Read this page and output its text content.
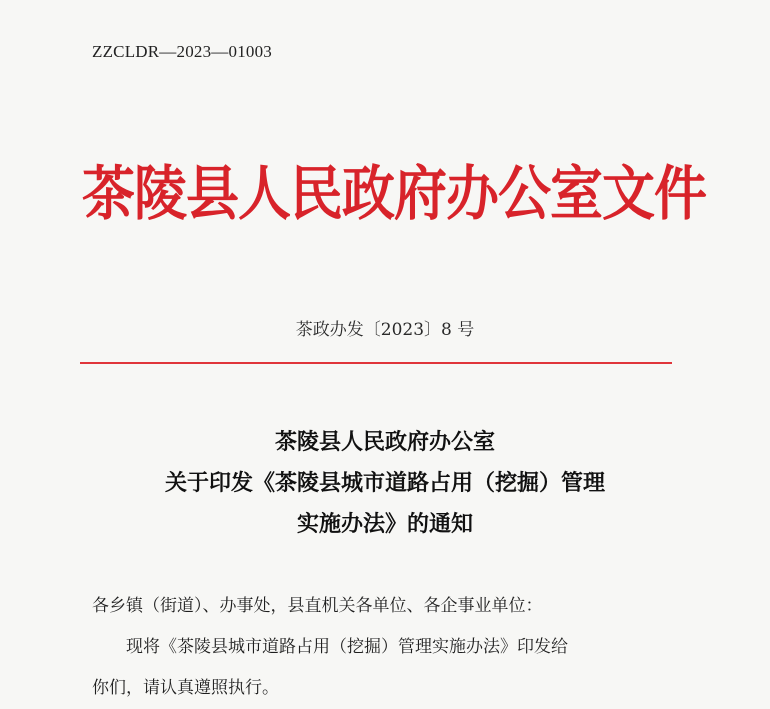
ZZCLDR—2023—01003
茶陵县人民政府办公室文件
茶政办发〔2023〕8 号
茶陵县人民政府办公室
关于印发《茶陵县城市道路占用（挖掘）管理
实施办法》的通知
各乡镇（街道）、办事处，县直机关各单位、各企事业单位：
现将《茶陵县城市道路占用（挖掘）管理实施办法》印发给
你们，请认真遵照执行。
